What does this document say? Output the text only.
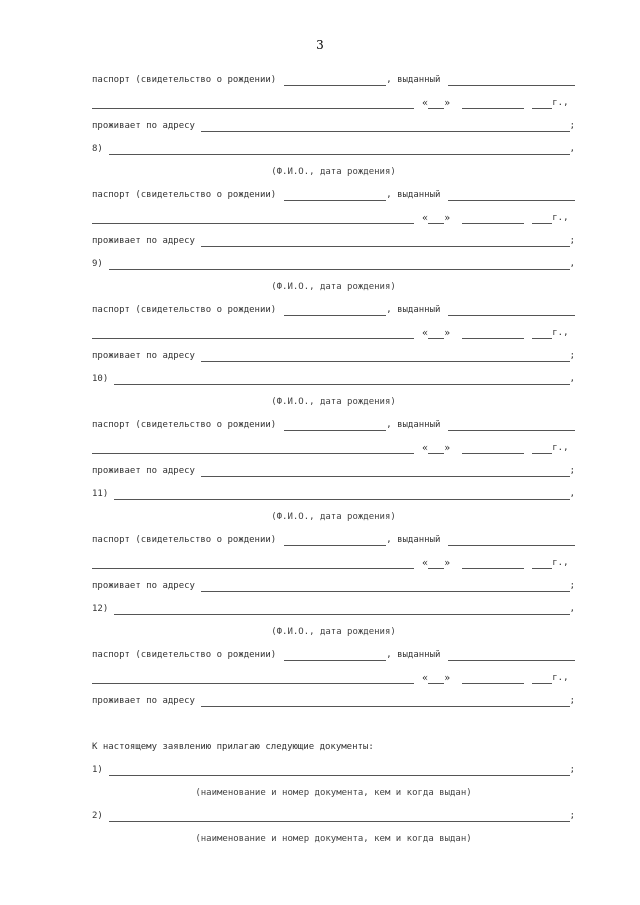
3
паспорт (свидетельство о рождении)	, выданный
« »	г.,
проживает по адресу	;
8)	,
(Ф.И.О., дата рождения)
паспорт (свидетельство о рождении)	, выданный
« »	г.,
проживает по адресу	;
9)	,
(Ф.И.О., дата рождения)
паспорт (свидетельство о рождении)	, выданный
« »	г.,
проживает по адресу	;
10)	,
(Ф.И.О., дата рождения)
паспорт (свидетельство о рождении)	, выданный
« »	г.,
проживает по адресу	;
11)	,
(Ф.И.О., дата рождения)
паспорт (свидетельство о рождении)	, выданный
« »	г.,
проживает по адресу	;
12)	,
(Ф.И.О., дата рождения)
паспорт (свидетельство о рождении)	, выданный
« »	г.,
проживает по адресу	;
К настоящему заявлению прилагаю следующие документы:
1)	;
(наименование и номер документа, кем и когда выдан)
2)	;
(наименование и номер документа, кем и когда выдан)
